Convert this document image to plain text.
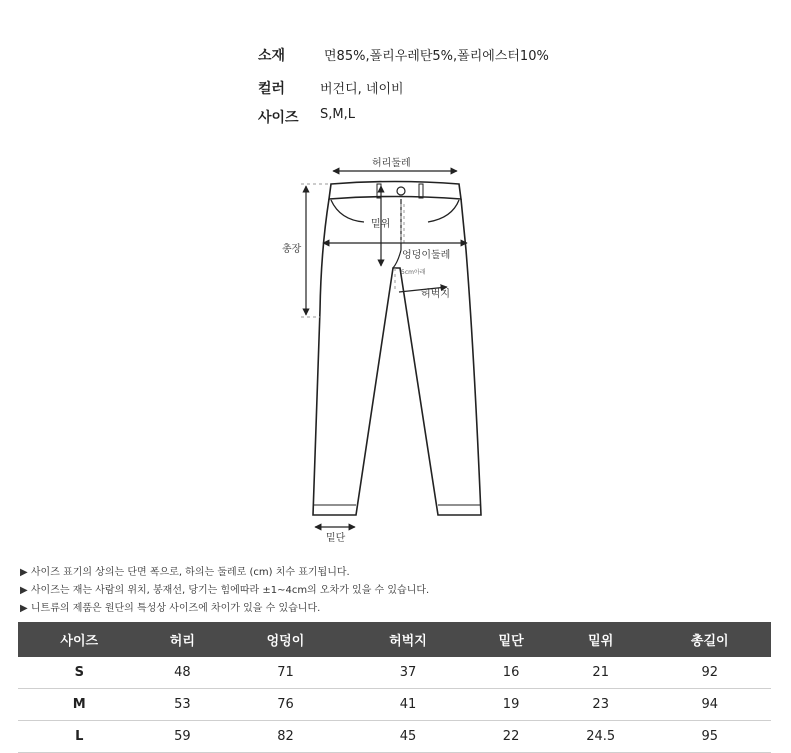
소재	면85%,폴리우레탄5%,폴리에스터10%
컬러	버건디, 네이비
사이즈 S,M,L
허리둘레
밑위
총장
엉덩이둘레
5cm아래
허벅지
밑단
▶ 사이즈 표기의 상의는 단면 폭으로, 하의는 둘레로 (cm) 치수 표기됩니다.
▶ 사이즈는 재는 사람의 위치, 봉재선, 당기는 힘에따라 ±1~4cm의 오차가 있을 수 있습니다.
▶ 니트류의 제품은 원단의 특성상 사이즈에 차이가 있을 수 있습니다.
사이즈	허리	엉덩이	허벅지	밑단	밑위	총길이
S	48	71	37	16	21	92
M	53	76	41	19	23	94
L	59	82	45	22	24.5	95
